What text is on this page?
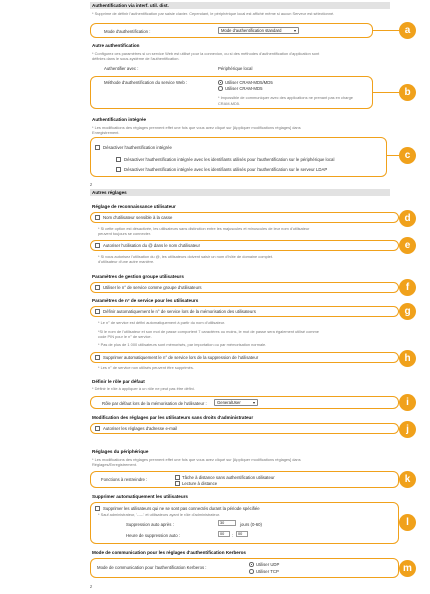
Authentification via interf. util. dist.
* Supprime de définir l'authentification par saisie clavier. Cependant, le périphérique local est affiché même si aucun Serveur est sélectionné.
a
Mode d'authentification :	Mode d'authentification standard	▾
Autre authentification
* Configurez ces paramètres si un service Web est utilisé pour la connexion, ou si des méthodes d'authentification d'application sont
définies dans le sous-système de l'authentification.
Authentifier avec :	Périphérique local
b
Méthode d'authentification du service Web :	Utiliser CRAM-MD5/MD5
Utiliser CRAM-MD5
* Impossible de communiquer avec des applications ne prenant pas en charge
CRAM-MD5.
Authentification intégrée
* Les modifications des réglages prennent effet une fois que vous avez cliqué sur [Appliquer modifications réglages] dans
Enregistrement.
c
Désactiver l'authentification intégrée
Désactiver l'authentification intégrée avec les identifiants utilisés pour l'authentification sur le périphérique local
Désactiver l'authentification intégrée avec les identifiants utilisés pour l'authentification sur le serveur LDAP
ᴢ
Autres réglages
Réglage de reconnaissance utilisateur
d
Nom d'utilisateur sensible à la casse
* Si cette option est désactivée, les utilisateurs sans distinction entre les majuscules et minuscules de leur nom d'utilisateur
peuvent toujours se connecter.
e
Autoriser l'utilisation du @ dans le nom d'utilisateur
* Si vous autorisez l'utilisation du @, les utilisateurs doivent saisir un nom d'hôte de domaine complet.
d'utilisateur d'une autre manière.
Paramètres de gestion groupe utilisateurs
f
Utiliser le n° de service comme groupe d'utilisateurs
Paramètres de n° de service pour les utilisateurs
g
Définir automatiquement le n° de service lors de la mémorisation des utilisateurs
* Le n° de service est défini automatiquement à partir du nom d'utilisateur.
*Si le nom de l'utilisateur et son mot de passe comportent 7 caractères ou moins, le mot de passe sera également utilisé comme
code PIN pour le n° de service.
* Pas de plus de 1 000 utilisateurs sont mémorisés, par importation ou par mémorisation normale.
h
Supprimer automatiquement le n° de service lors de la suppression de l'utilisateur
* Les n° de service non utilisés peuvent être supprimés.
Définir le rôle par défaut
* Définir le rôle à appliquer à un rôle ne peut pas être défini.
i
Rôle par défaut lors de la mémorisation de l'utilisateur :	GeneralUser	▾
Modification des réglages par les utilisateurs sans droits d'administrateur
j
Autoriser les réglages d'adresse e-mail
Réglages du périphérique
* Les modifications des réglages prennent effet une fois que vous avez cliqué sur [Appliquer modifications réglages] dans
Réglages/Enregistrement.
k
Fonctions à restreindre :	Tâche à distance sans authentification utilisateur
Lecture à distance
Supprimer automatiquement les utilisateurs
l
Supprimer les utilisateurs qui ne se sont pas connectés durant la période spécifiée
* Sauf administrateur, '-----' et utilisateurs ayant le rôle d'administrateur.
Suppression auto après :	30	jours (0-60)
Heure de suppression auto :	00	:	00
Mode de communication pour les réglages d'authentification Kerberos
m
Mode de communication pour l'authentification Kerberos :
Utiliser UDP
Utiliser TCP
ᴢ
